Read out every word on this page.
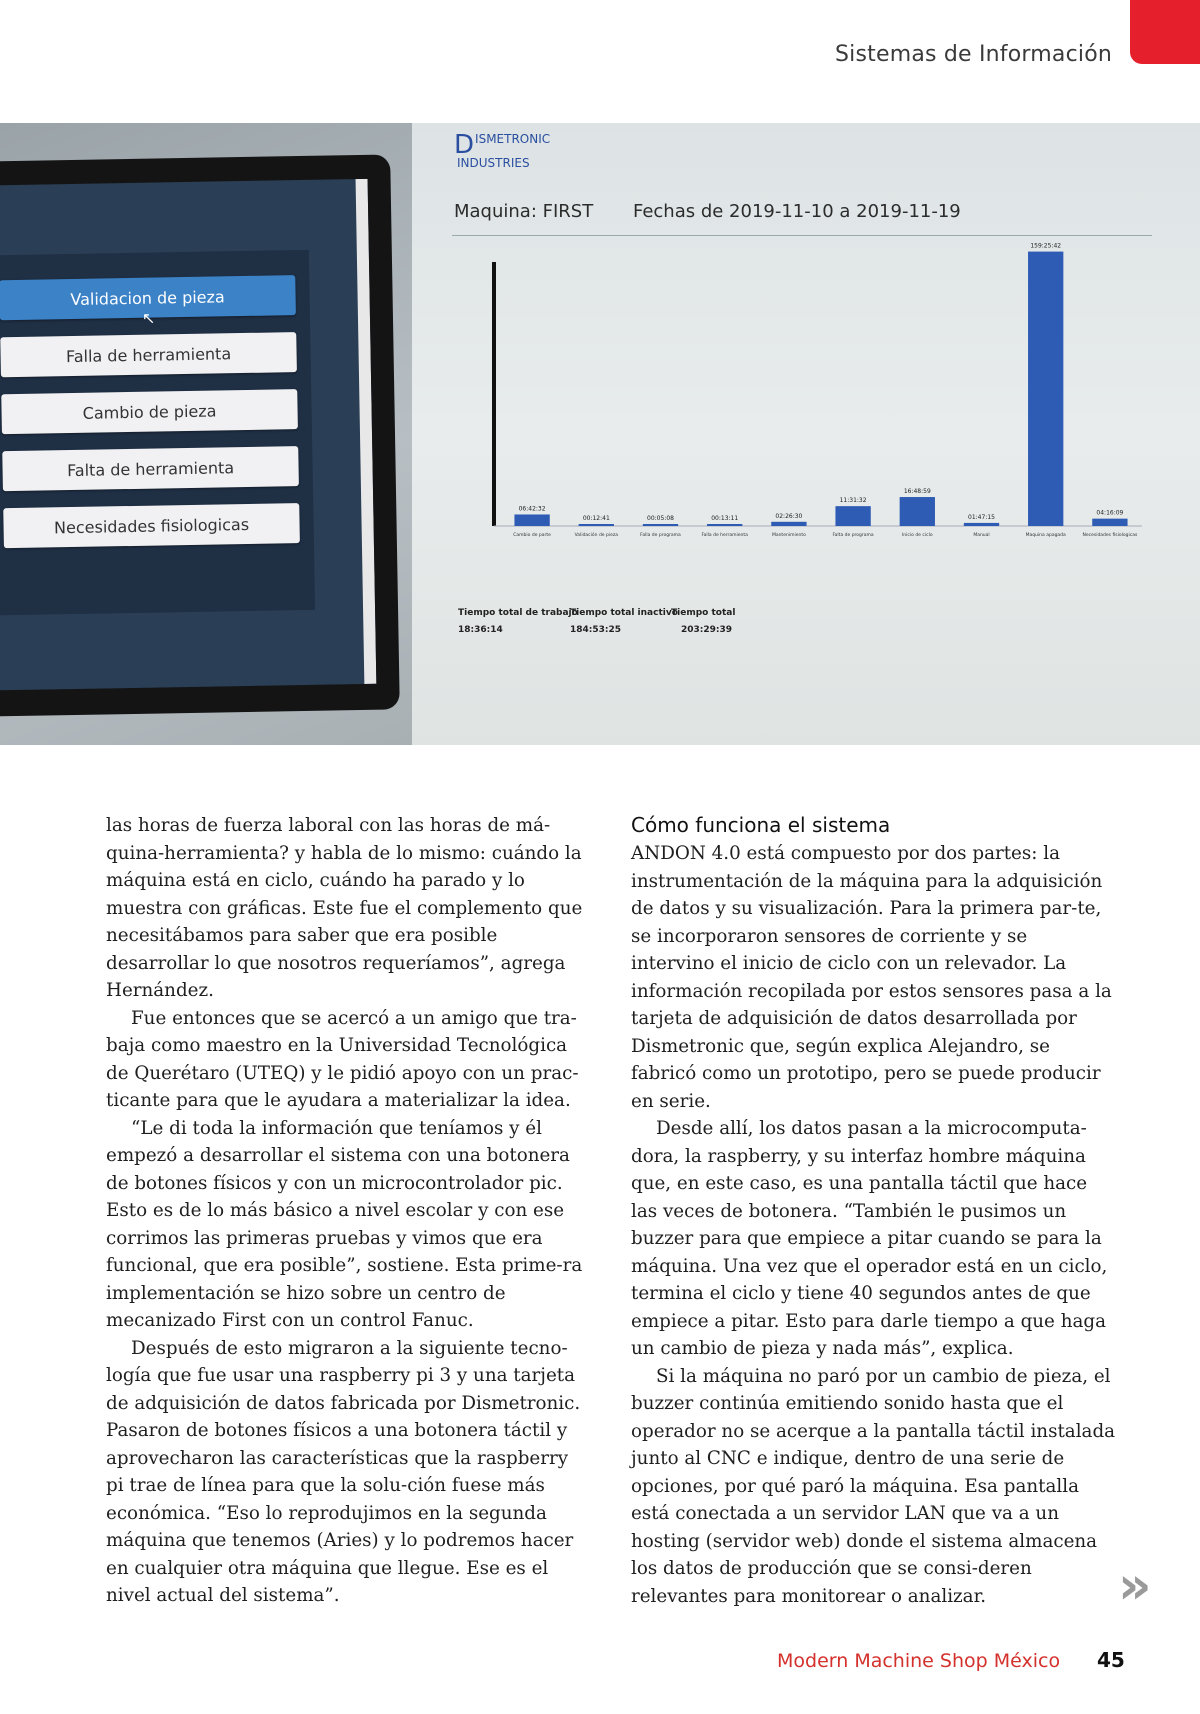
Sistemas de Información
Validacion de pieza
Falla de herramienta
Cambio de pieza
Falta de herramienta
Necesidades fisiologicas
↖
DISMETRONIC
INDUSTRIES
Maquina: FIRST Fechas de 2019-11-10 a 2019-11-19
06:42:32
Cambio de parte
00:12:41
Validación de pieza
00:05:08
Falla de programa
00:13:11
Falla de herramienta
02:26:30
Mantenimiento
11:31:32
Falta de programa
16:48:59
Inicio de ciclo
01:47:15
Manual
159:25:42
Maquina apagada
04:16:09
Necesidades fisiologicas
Tiempo total de trabajo
18:36:14
Tiempo total inactivo
184:53:25
Tiempo total
203:29:39

las horas de fuerza laboral con las horas de má-quina-herramienta? y habla de lo mismo: cuándo la máquina está en ciclo, cuándo ha parado y lo muestra con gráficas. Este fue el complemento que necesitábamos para saber que era posible desarrollar lo que nosotros requeríamos”, agrega Hernández.

Fue entonces que se acercó a un amigo que tra-baja como maestro en la Universidad Tecnológica de Querétaro (UTEQ) y le pidió apoyo con un prac-ticante para que le ayudara a materializar la idea.

“Le di toda la información que teníamos y él empezó a desarrollar el sistema con una botonera de botones físicos y con un microcontrolador pic. Esto es de lo más básico a nivel escolar y con ese corrimos las primeras pruebas y vimos que era funcional, que era posible”, sostiene. Esta prime-ra implementación se hizo sobre un centro de mecanizado First con un control Fanuc.

Después de esto migraron a la siguiente tecno-logía que fue usar una raspberry pi 3 y una tarjeta de adquisición de datos fabricada por Dismetronic. Pasaron de botones físicos a una botonera táctil y aprovecharon las características que la raspberry pi trae de línea para que la solu-ción fuese más económica. “Eso lo reprodujimos en la segunda máquina que tenemos (Aries) y lo podremos hacer en cualquier otra máquina que llegue. Ese es el nivel actual del sistema”.

Cómo funciona el sistema

ANDON 4.0 está compuesto por dos partes: la instrumentación de la máquina para la adquisición de datos y su visualización. Para la primera par-te, se incorporaron sensores de corriente y se intervino el inicio de ciclo con un relevador. La información recopilada por estos sensores pasa a la tarjeta de adquisición de datos desarrollada por Dismetronic que, según explica Alejandro, se fabricó como un prototipo, pero se puede producir en serie.

Desde allí, los datos pasan a la microcomputa-dora, la raspberry, y su interfaz hombre máquina que, en este caso, es una pantalla táctil que hace las veces de botonera. “También le pusimos un buzzer para que empiece a pitar cuando se para la máquina. Una vez que el operador está en un ciclo, termina el ciclo y tiene 40 segundos antes de que empiece a pitar. Esto para darle tiempo a que haga un cambio de pieza y nada más”, explica.

Si la máquina no paró por un cambio de pieza, el buzzer continúa emitiendo sonido hasta que el operador no se acerque a la pantalla táctil instalada junto al CNC e indique, dentro de una serie de opciones, por qué paró la máquina. Esa pantalla está conectada a un servidor LAN que va a un hosting (servidor web) donde el sistema almacena los datos de producción que se consi-deren relevantes para monitorear o analizar.	»
Modern Machine Shop México 45
